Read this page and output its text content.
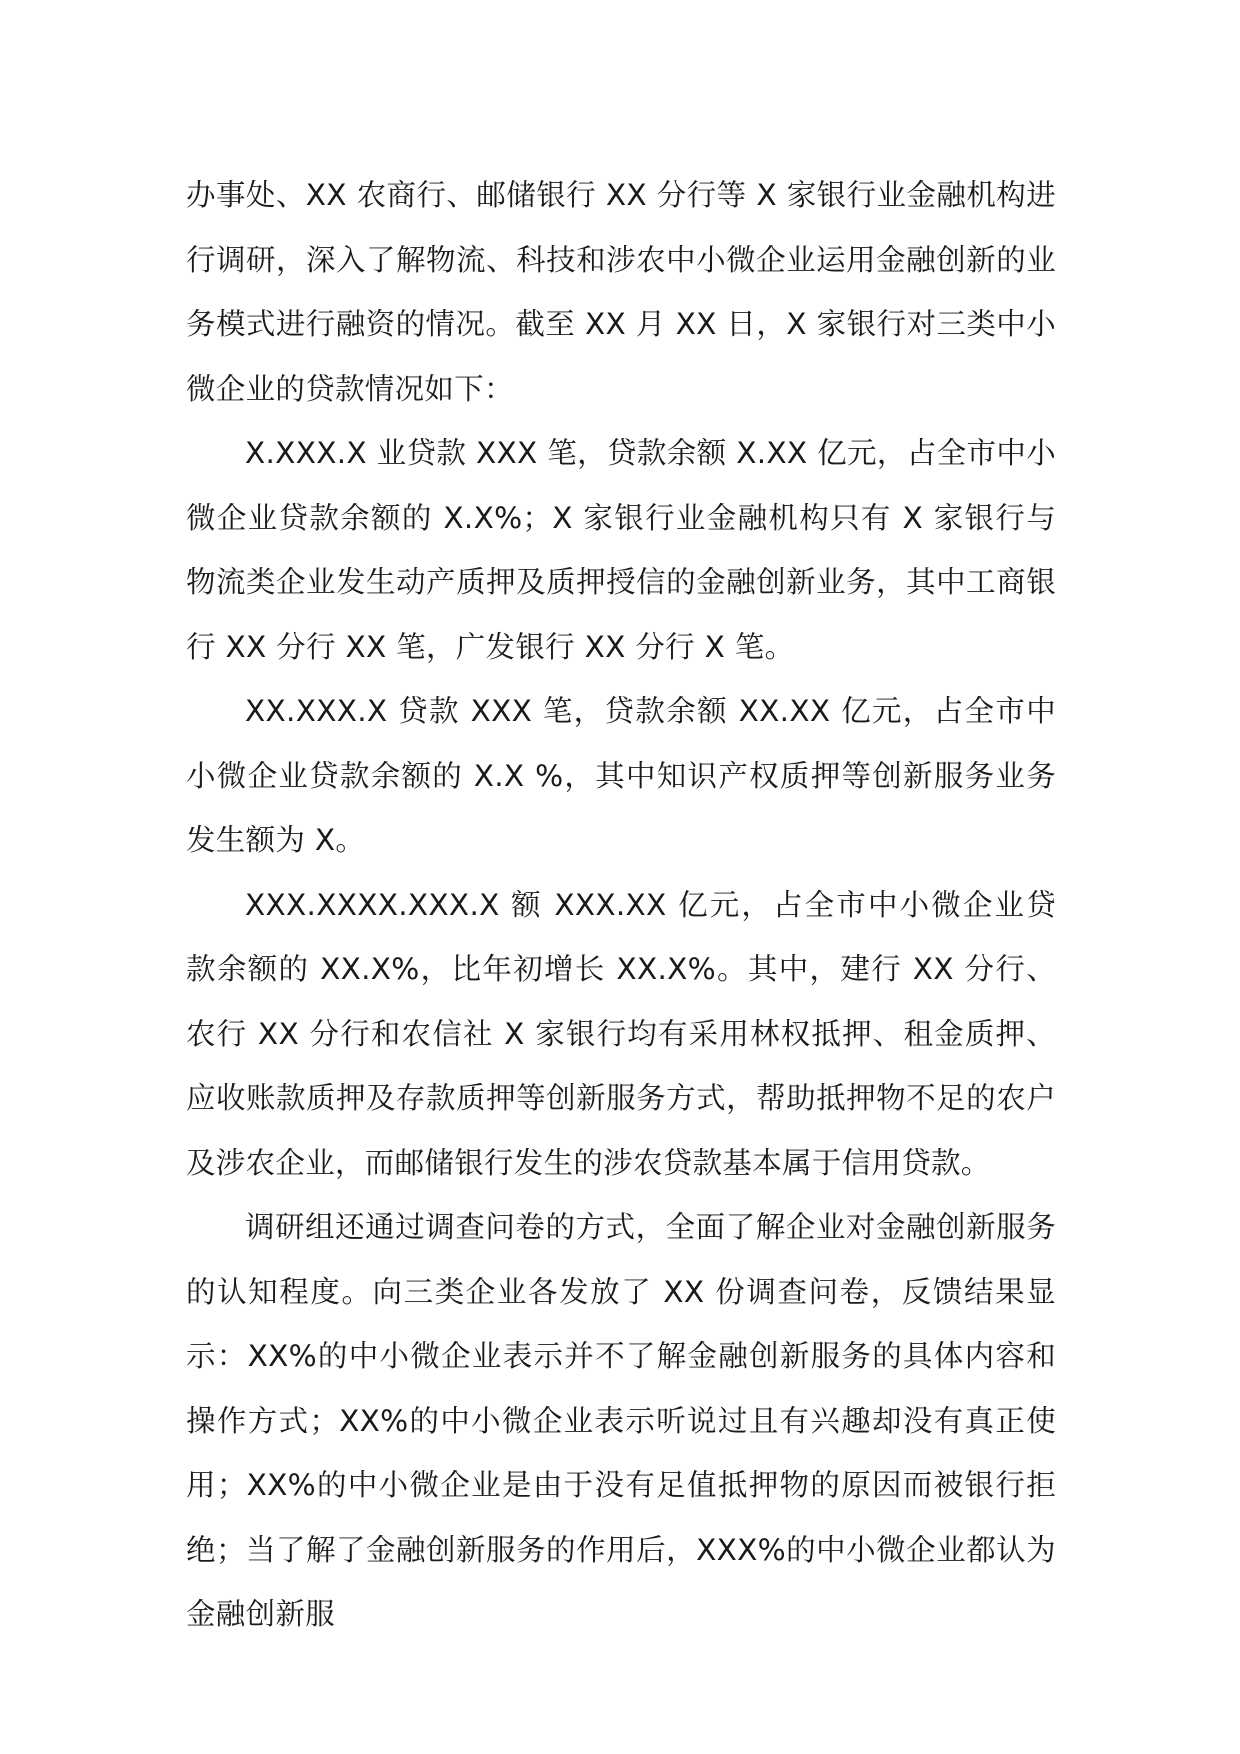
办事处、XX 农商行、邮储银行 XX 分行等 X 家银行业金融机构进行调研，深入了解物流、科技和涉农中小微企业运用金融创新的业务模式进行融资的情况。截至 XX 月 XX 日，X 家银行对三类中小微企业的贷款情况如下：

X.XXX.X 业贷款 XXX 笔，贷款余额 X.XX 亿元，占全市中小微企业贷款余额的 X.X%；X 家银行业金融机构只有 X 家银行与物流类企业发生动产质押及质押授信的金融创新业务，其中工商银行 XX 分行 XX 笔，广发银行 XX 分行 X 笔。

XX.XXX.X 贷款 XXX 笔，贷款余额 XX.XX 亿元，占全市中小微企业贷款余额的 X.X %，其中知识产权质押等创新服务业务发生额为 X。

XXX.XXXX.XXX.X 额 XXX.XX 亿元，占全市中小微企业贷款余额的 XX.X%，比年初增长 XX.X%。其中，建行 XX 分行、农行 XX 分行和农信社 X 家银行均有采用林权抵押、租金质押、应收账款质押及存款质押等创新服务方式，帮助抵押物不足的农户及涉农企业，而邮储银行发生的涉农贷款基本属于信用贷款。

调研组还通过调查问卷的方式，全面了解企业对金融创新服务的认知程度。向三类企业各发放了 XX 份调查问卷，反馈结果显示：XX%的中小微企业表示并不了解金融创新服务的具体内容和操作方式；XX%的中小微企业表示听说过且有兴趣却没有真正使用；XX%的中小微企业是由于没有足值抵押物的原因而被银行拒绝；当了解了金融创新服务的作用后，XXX%的中小微企业都认为金融创新服
